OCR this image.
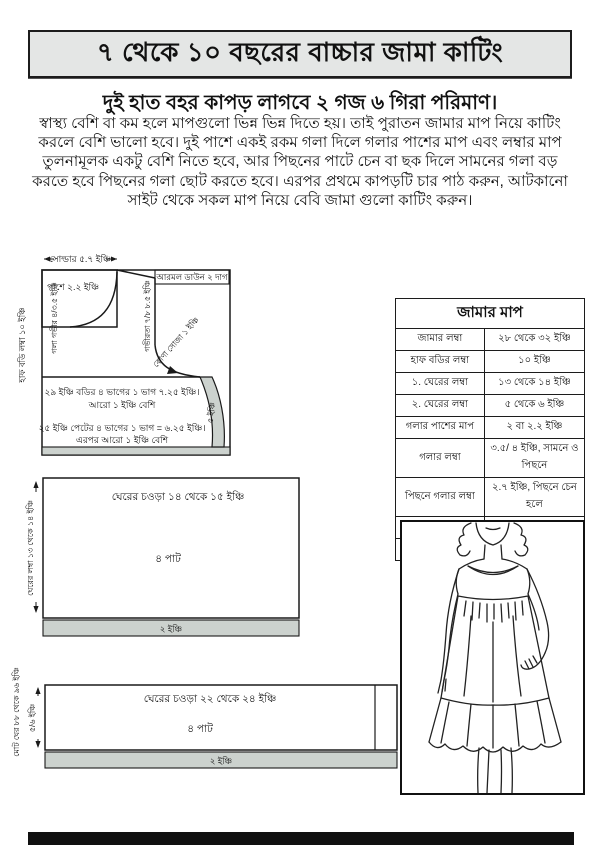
৭ থেকে ১০ বছরের বাচ্চার জামা কাটিং
দুই হাত বহর কাপড় লাগবে ২ গজ ৬ গিরা পরিমাণ।
স্বাস্থ্য বেশি বা কম হলে মাপগুলো ভিন্ন ভিন্ন দিতে হয়। তাই পুরাতন জামার মাপ নিয়ে কাটিং করলে বেশি ভালো হবে। দুই পাশে একই রকম গলা দিলে গলার পাশের মাপ এবং লম্বার মাপ তুলনামূলক একটু বেশি নিতে হবে, আর পিছনের পাটে চেন বা ছক দিলে সামনের গলা বড় করতে হবে পিছনের গলা ছোট করতে হবে। এরপর প্রথমে কাপড়টি চার পাঠ করুন, আটকানো সাইট থেকে সকল মাপ নিয়ে বেবি জামা গুলো কাটিং করুন।
সোল্ডার ৫.৭ ইঞ্চি
পাশে ২.২ ইঞ্চি
গলা গভীর ৪/৩.৫ ইঞ্চি
আরমল ডাউন ২ দাগ
গভীরতা ৭/৮ ৮.৫ ইঞ্চি কোণা সোজা ১ ইঞ্চি
২৯ ইঞ্চি বডির ৪ ভাগের ১ ভাগ ৭.২৫ ইঞ্চি।
আরো ১ ইঞ্চি বেশি
২৫ ইঞ্চি পেটের ৪ ভাগের ১ ভাগ = ৬.২৫ ইঞ্চি।
এরপর আরো ১ ইঞ্চি বেশি
৫ ইঞ্চি
হাফ বডি লম্বা ১০ ইঞ্চি
ঘেরের চওড়া ১৪ থেকে ১৫ ইঞ্চি
৪ পাট
২ ইঞ্চি
ঘেরের লম্বা ১৩ থেকে ১৪ ইঞ্চি
ঘেরের চওড়া ২২ থেকে ২৪ ইঞ্চি
৪ পাট
২ ইঞ্চি
৫/৬ ইঞ্চি
মোট ঘের ৮৮ থেকে ৯৬ ইঞ্চি
জামার মাপ	
জামার লম্বা	২৮ থেকে ৩২ ইঞ্চি
হাফ বডির লম্বা	১০ ইঞ্চি
১. ঘেরের লম্বা	১৩ থেকে ১৪ ইঞ্চি
২. ঘেরের লম্বা	৫ থেকে ৬ ইঞ্চি
গলার পাশের মাপ	২ বা ২.২ ইঞ্চি
গলার লম্বা	৩.৫/ ৪ ইঞ্চি, সামনে ও পিছনে
পিছনে গলার লম্বা	২.৭ ইঞ্চি, পিছনে চেন হলে
